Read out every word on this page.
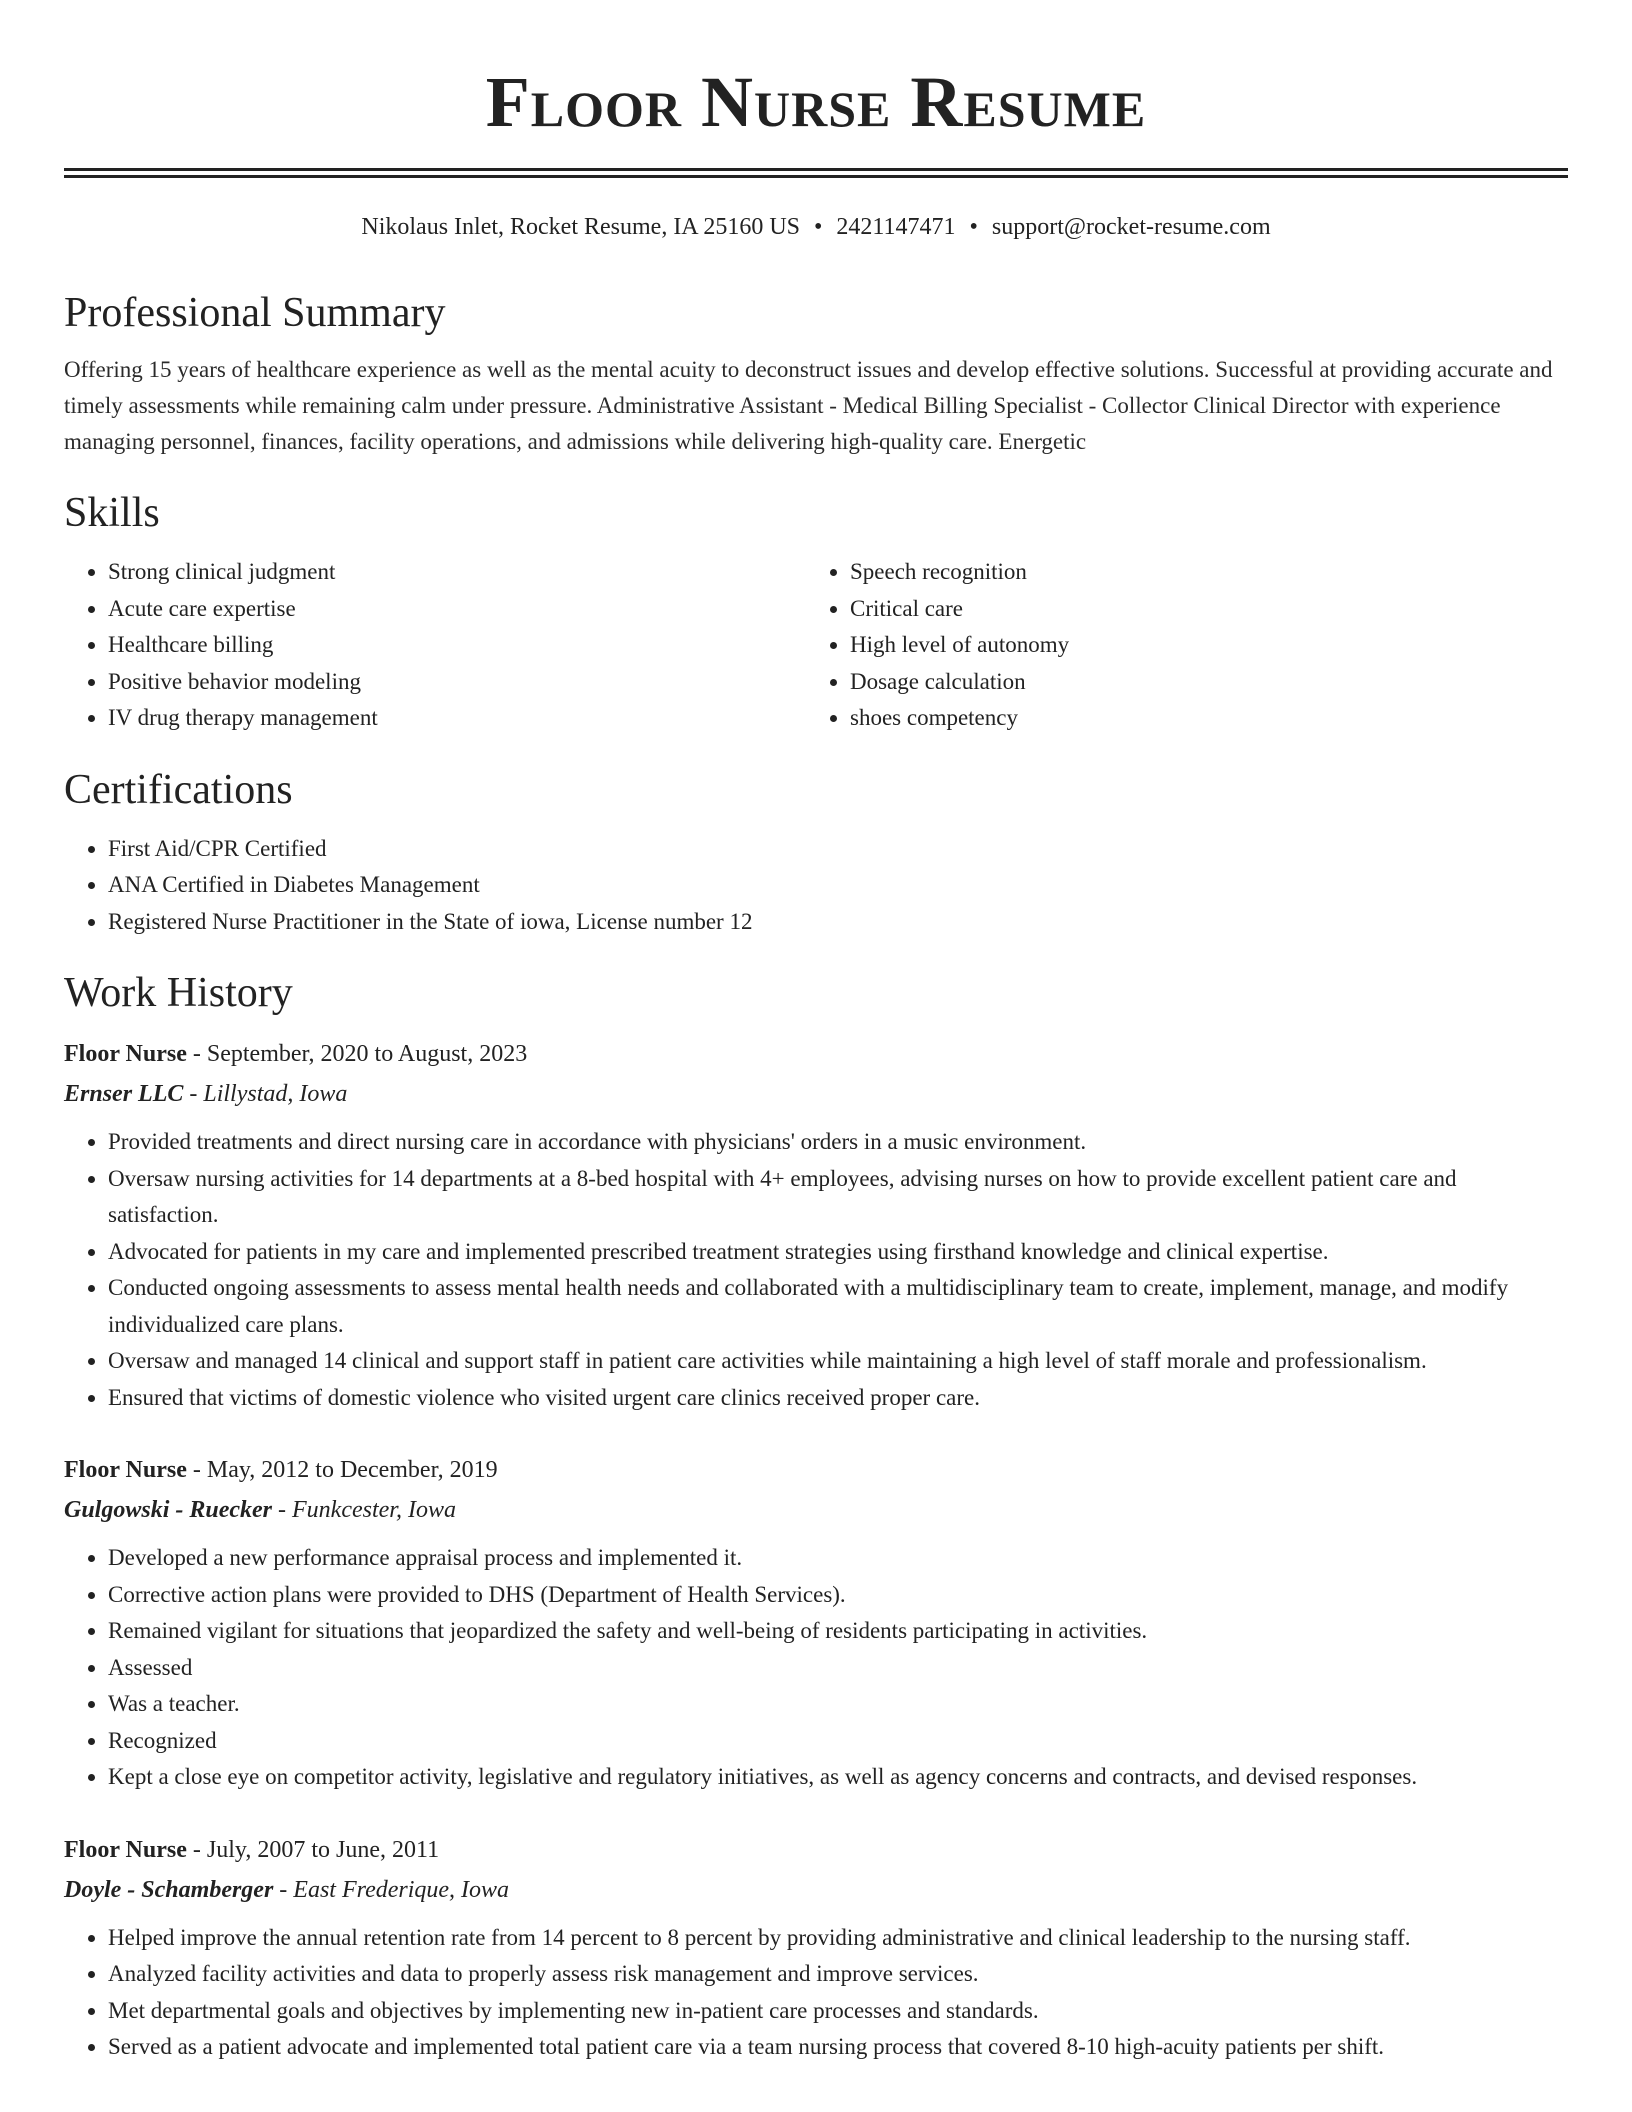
Floor Nurse Resume
Nikolaus Inlet, Rocket Resume, IA 25160 US • 2421147471 • support@rocket-resume.com
Professional Summary

Offering 15 years of healthcare experience as well as the mental acuity to deconstruct issues and develop effective solutions. Successful at providing accurate and timely assessments while remaining calm under pressure. Administrative Assistant - Medical Billing Specialist - Collector Clinical Director with experience managing personnel, finances, facility operations, and admissions while delivering high-quality care. Energetic

Skills
• Strong clinical judgment
• Acute care expertise
• Healthcare billing
• Positive behavior modeling
• IV drug therapy management
• Speech recognition
• Critical care
• High level of autonomy
• Dosage calculation
• shoes competency
Certifications
• First Aid/CPR Certified
• ANA Certified in Diabetes Management
• Registered Nurse Practitioner in the State of iowa, License number 12
Work History
Floor Nurse - September, 2020 to August, 2023
Ernser LLC - Lillystad, Iowa
• Provided treatments and direct nursing care in accordance with physicians' orders in a music environment.
• Oversaw nursing activities for 14 departments at a 8-bed hospital with 4+ employees, advising nurses on how to provide excellent patient care and satisfaction.
• Advocated for patients in my care and implemented prescribed treatment strategies using firsthand knowledge and clinical expertise.
• Conducted ongoing assessments to assess mental health needs and collaborated with a multidisciplinary team to create, implement, manage, and modify individualized care plans.
• Oversaw and managed 14 clinical and support staff in patient care activities while maintaining a high level of staff morale and professionalism.
• Ensured that victims of domestic violence who visited urgent care clinics received proper care.
Floor Nurse - May, 2012 to December, 2019
Gulgowski - Ruecker - Funkcester, Iowa
• Developed a new performance appraisal process and implemented it.
• Corrective action plans were provided to DHS (Department of Health Services).
• Remained vigilant for situations that jeopardized the safety and well-being of residents participating in activities.
• Assessed
• Was a teacher.
• Recognized
• Kept a close eye on competitor activity, legislative and regulatory initiatives, as well as agency concerns and contracts, and devised responses.
Floor Nurse - July, 2007 to June, 2011
Doyle - Schamberger - East Frederique, Iowa
• Helped improve the annual retention rate from 14 percent to 8 percent by providing administrative and clinical leadership to the nursing staff.
• Analyzed facility activities and data to properly assess risk management and improve services.
• Met departmental goals and objectives by implementing new in-patient care processes and standards.
• Served as a patient advocate and implemented total patient care via a team nursing process that covered 8-10 high-acuity patients per shift.
